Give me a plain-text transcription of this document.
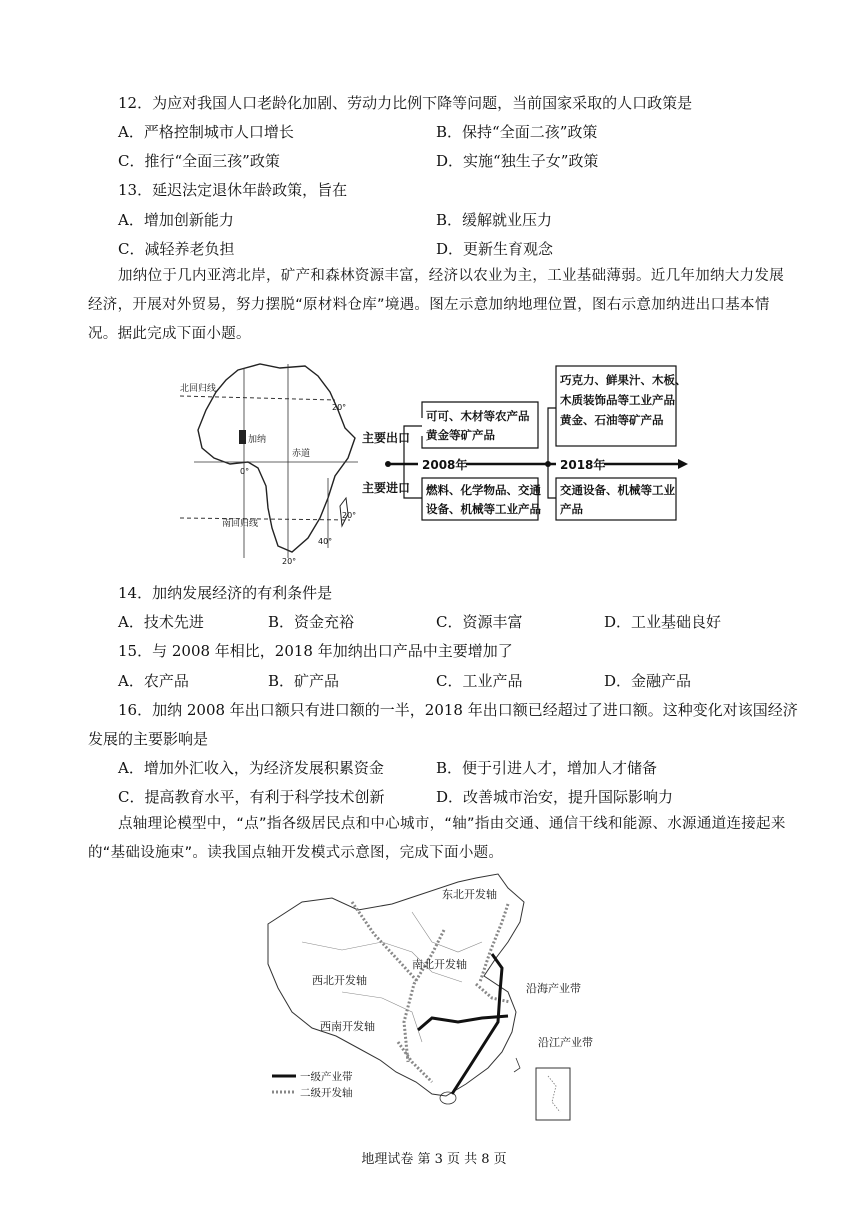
12．为应对我国人口老龄化加剧、劳动力比例下降等问题，当前国家采取的人口政策是
A．严格控制城市人口增长	B．保持“全面二孩”政策
C．推行“全面三孩”政策	D．实施“独生子女”政策
13．延迟法定退休年龄政策，旨在
A．增加创新能力	B．缓解就业压力
C．减轻养老负担	D．更新生育观念
加纳位于几内亚湾北岸，矿产和森林资源丰富，经济以农业为主，工业基础薄弱。近几年加纳大力发展经济，开展对外贸易，努力摆脱“原材料仓库”境遇。图左示意加纳地理位置，图右示意加纳进出口基本情况。据此完成下面小题。
北回归线
20°
加纳
赤道
0°
20°
南回归线
40°
20°
主要出口
主要进口
2008年	2018年
可可、木材等农产品
黄金等矿产品
燃料、化学物品、交通
设备、机械等工业产品
巧克力、鲜果汁、木板、
木质装饰品等工业产品
黄金、石油等矿产品
交通设备、机械等工业
产品
14．加纳发展经济的有利条件是
A．技术先进	B．资金充裕	C．资源丰富	D．工业基础良好
15．与 2008 年相比，2018 年加纳出口产品中主要增加了
A．农产品	B．矿产品	C．工业产品	D．金融产品
16．加纳 2008 年出口额只有进口额的一半，2018 年出口额已经超过了进口额。这种变化对该国经济
发展的主要影响是
A．增加外汇收入，为经济发展积累资金	B．便于引进人才，增加人才储备
C．提高教育水平，有利于科学技术创新	D．改善城市治安，提升国际影响力
点轴理论模型中，“点”指各级居民点和中心城市，“轴”指由交通、通信干线和能源、水源通道连接起来的“基础设施束”。读我国点轴开发模式示意图，完成下面小题。
东北开发轴
西北开发轴
南北开发轴
沿海产业带
西南开发轴
沿江产业带
一级产业带
二级开发轴
地理试卷 第 3 页 共 8 页
